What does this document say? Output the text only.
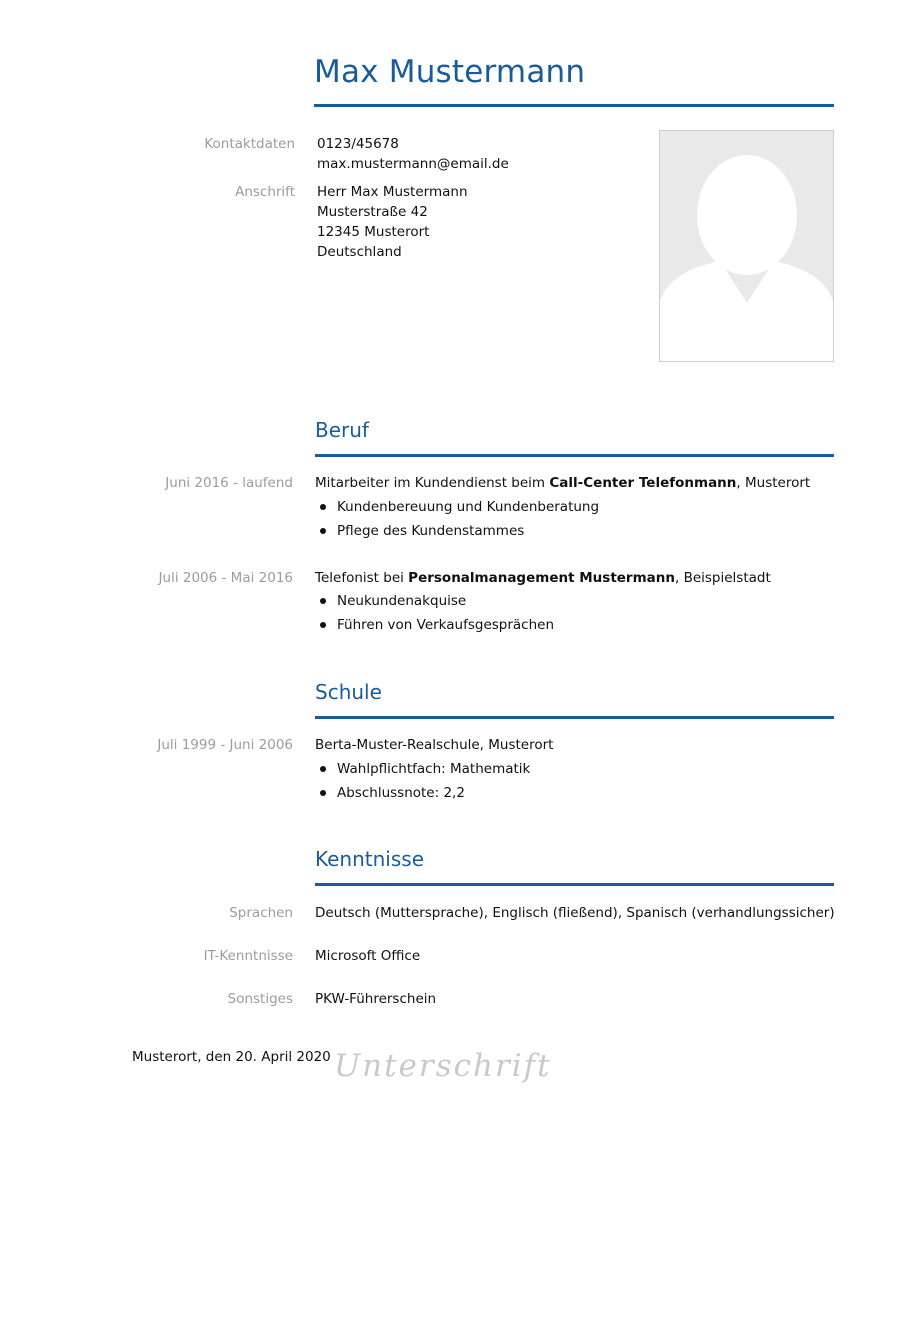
Max Mustermann
Kontaktdaten 0123/45678
max.mustermann@email.de
Anschrift Herr Max Mustermann
Musterstraße 42
12345 Musterort
Deutschland
Beruf
Juni 2016 - laufend Mitarbeiter im Kundendienst beim Call-Center Telefonmann, Musterort
Kundenbereuung und Kundenberatung
Pflege des Kundenstammes
Juli 2006 - Mai 2016 Telefonist bei Personalmanagement Mustermann, Beispielstadt
Neukundenakquise
Führen von Verkaufsgesprächen
Schule
Juli 1999 - Juni 2006 Berta-Muster-Realschule, Musterort
Wahlpflichtfach: Mathematik
Abschlussnote: 2,2
Kenntnisse
Sprachen Deutsch (Muttersprache), Englisch (fließend), Spanisch (verhandlungssicher)
IT-Kenntnisse Microsoft Office
Sonstiges PKW-Führerschein
Musterort, den 20. April 2020 Unterschrift
